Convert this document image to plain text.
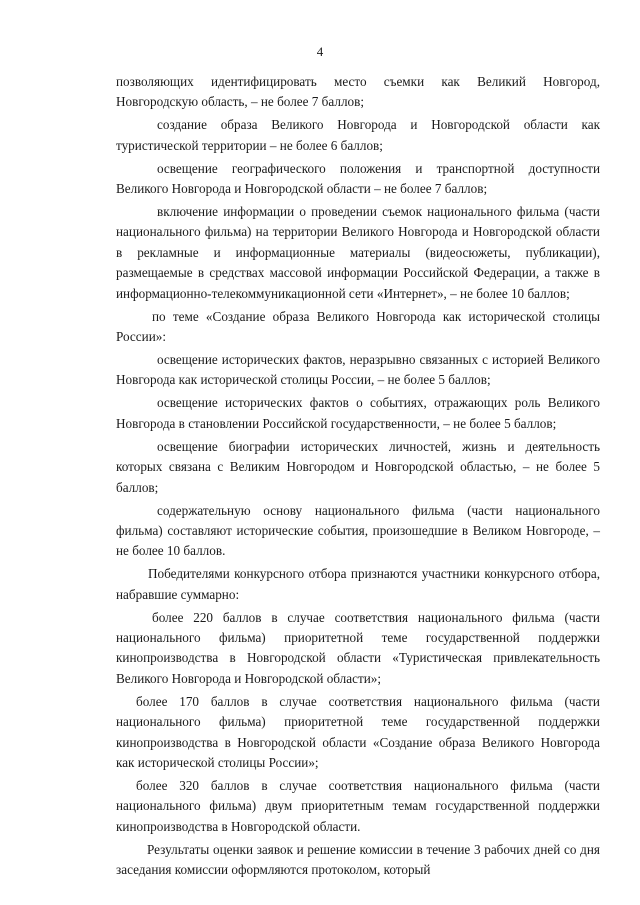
4

позволяющих идентифицировать место съемки как Великий Новгород, Новгородскую область, – не более 7 баллов;

создание образа Великого Новгорода и Новгородской области как туристической территории – не более 6 баллов;

освещение географического положения и транспортной доступности Великого Новгорода и Новгородской области – не более 7 баллов;

включение информации о проведении съемок национального фильма (части национального фильма) на территории Великого Новгорода и Новгородской области в рекламные и информационные материалы (видеосюжеты, публикации), размещаемые в средствах массовой информации Российской Федерации, а также в информационно-телекоммуникационной сети «Интернет», – не более 10 баллов;

по теме «Создание образа Великого Новгорода как исторической столицы России»:

освещение исторических фактов, неразрывно связанных с историей Великого Новгорода как исторической столицы России, – не более 5 баллов;

освещение исторических фактов о событиях, отражающих роль Великого Новгорода в становлении Российской государственности, – не более 5 баллов;

освещение биографии исторических личностей, жизнь и деятельность которых связана с Великим Новгородом и Новгородской областью, – не более 5 баллов;

содержательную основу национального фильма (части национального фильма) составляют исторические события, произошедшие в Великом Новгороде, – не более 10 баллов.

Победителями конкурсного отбора признаются участники конкурсного отбора, набравшие суммарно:

более 220 баллов в случае соответствия национального фильма (части национального фильма) приоритетной теме государственной поддержки кинопроизводства в Новгородской области «Туристическая привлекательность Великого Новгорода и Новгородской области»;

более 170 баллов в случае соответствия национального фильма (части национального фильма) приоритетной теме государственной поддержки кинопроизводства в Новгородской области «Создание образа Великого Новгорода как исторической столицы России»;

более 320 баллов в случае соответствия национального фильма (части национального фильма) двум приоритетным темам государственной поддержки кинопроизводства в Новгородской области.

Результаты оценки заявок и решение комиссии в течение 3 рабочих дней со дня заседания комиссии оформляются протоколом, который
